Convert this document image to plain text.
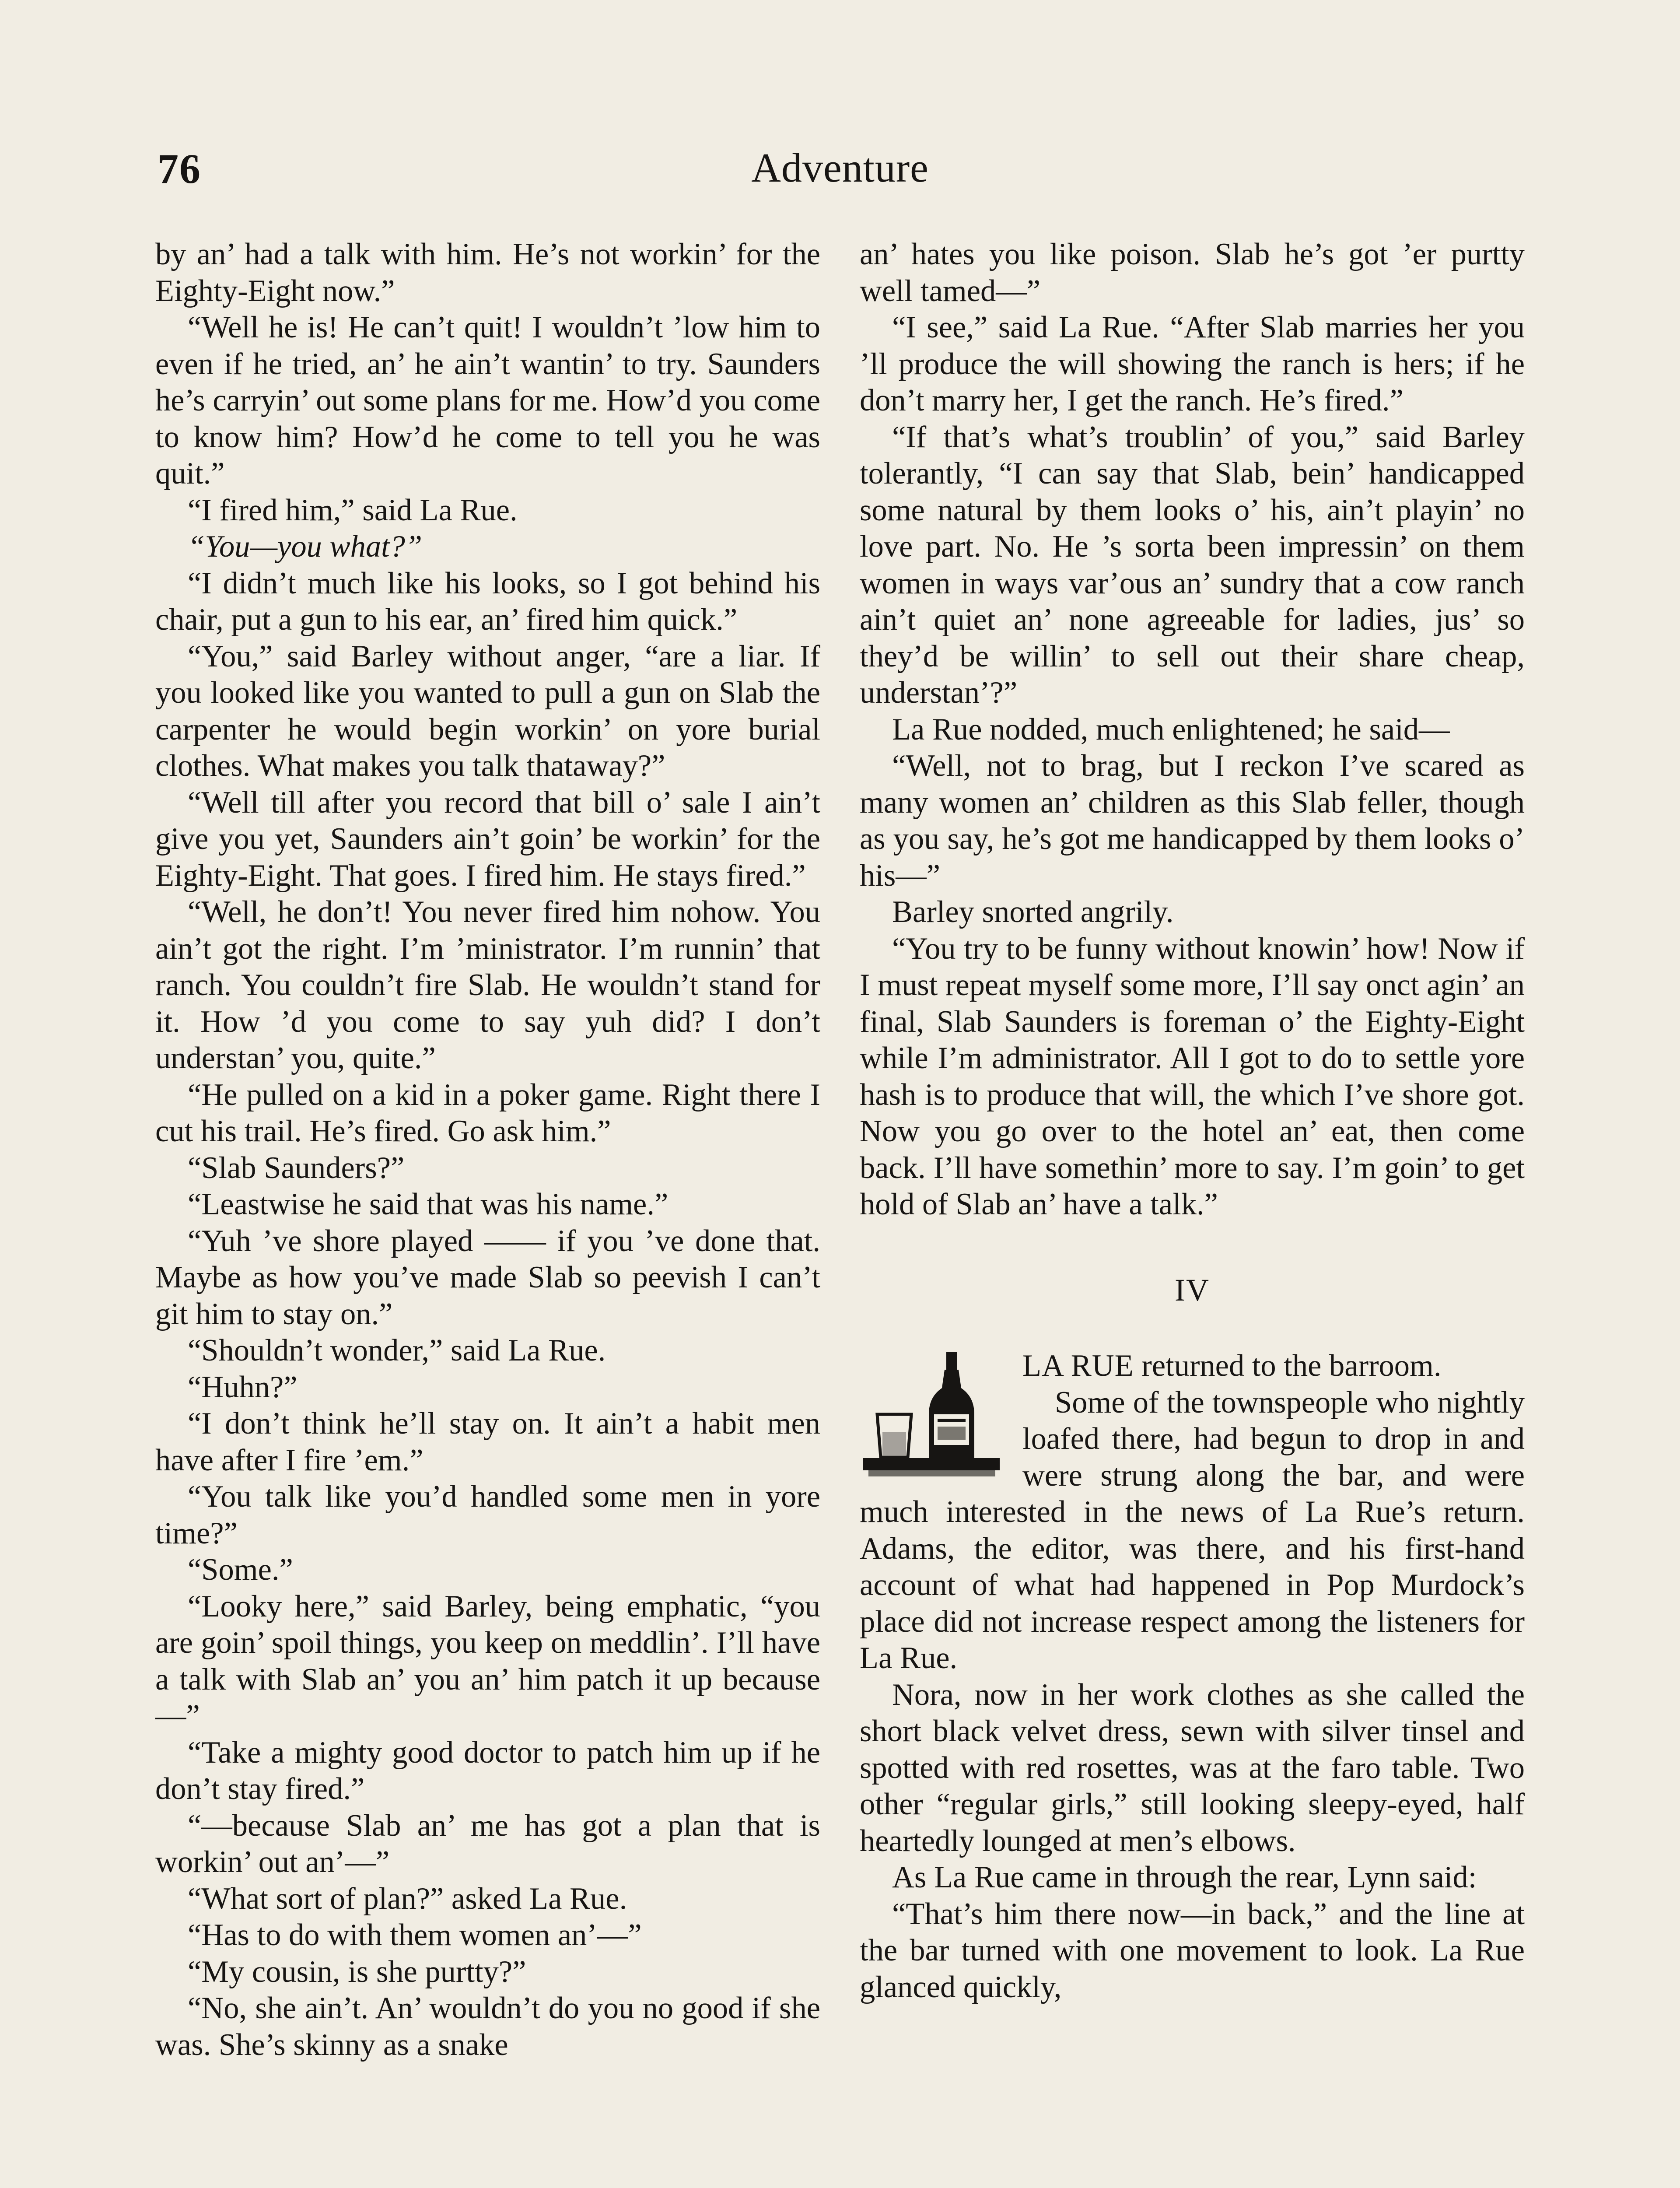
76	Adventure

by an’ had a talk with him. He’s not workin’ for the Eighty-Eight now.”

“Well he is! He can’t quit! I wouldn’t ’low him to even if he tried, an’ he ain’t wantin’ to try. Saunders he’s carryin’ out some plans for me. How’d you come to know him? How’d he come to tell you he was quit.”

“I fired him,” said La Rue.

“You—you what?”

“I didn’t much like his looks, so I got behind his chair, put a gun to his ear, an’ fired him quick.”

“You,” said Barley without anger, “are a liar. If you looked like you wanted to pull a gun on Slab the carpenter he would begin workin’ on yore burial clothes. What makes you talk thataway?”

“Well till after you record that bill o’ sale I ain’t give you yet, Saunders ain’t goin’ be workin’ for the Eighty-Eight. That goes. I fired him. He stays fired.”

“Well, he don’t! You never fired him nohow. You ain’t got the right. I’m ’ministrator. I’m runnin’ that ranch. You couldn’t fire Slab. He wouldn’t stand for it. How ’d you come to say yuh did? I don’t understan’ you, quite.”

“He pulled on a kid in a poker game. Right there I cut his trail. He’s fired. Go ask him.”

“Slab Saunders?”

“Leastwise he said that was his name.”

“Yuh ’ve shore played —— if you ’ve done that. Maybe as how you’ve made Slab so peevish I can’t git him to stay on.”

“Shouldn’t wonder,” said La Rue.

“Huhn?”

“I don’t think he’ll stay on. It ain’t a habit men have after I fire ’em.”

“You talk like you’d handled some men in yore time?”

“Some.”

“Looky here,” said Barley, being emphatic, “you are goin’ spoil things, you keep on meddlin’. I’ll have a talk with Slab an’ you an’ him patch it up because—”

“Take a mighty good doctor to patch him up if he don’t stay fired.”

“—because Slab an’ me has got a plan that is workin’ out an’—”

“What sort of plan?” asked La Rue.

“Has to do with them women an’—”

“My cousin, is she purtty?”

“No, she ain’t. An’ wouldn’t do you no good if she was. She’s skinny as a snake

an’ hates you like poison. Slab he’s got ’er purtty well tamed—”

“I see,” said La Rue. “After Slab marries her you ’ll produce the will showing the ranch is hers; if he don’t marry her, I get the ranch. He’s fired.”

“If that’s what’s troublin’ of you,” said Barley tolerantly, “I can say that Slab, bein’ handicapped some natural by them looks o’ his, ain’t playin’ no love part. No. He ’s sorta been impressin’ on them women in ways var’ous an’ sundry that a cow ranch ain’t quiet an’ none agreeable for ladies, jus’ so they’d be willin’ to sell out their share cheap, understan’?”

La Rue nodded, much enlightened; he said—

“Well, not to brag, but I reckon I’ve scared as many women an’ children as this Slab feller, though as you say, he’s got me handicapped by them looks o’ his—”

Barley snorted angrily.

“You try to be funny without knowin’ how! Now if I must repeat myself some more, I’ll say onct agin’ an final, Slab Saunders is foreman o’ the Eighty-Eight while I’m administrator. All I got to do to settle yore hash is to produce that will, the which I’ve shore got. Now you go over to the hotel an’ eat, then come back. I’ll have somethin’ more to say. I’m goin’ to get hold of Slab an’ have a talk.”

IV

LA RUE returned to the barroom.

Some of the townspeople who nightly loafed there, had begun to drop in and were strung along the bar, and were much interested in the news of La Rue’s return. Adams, the editor, was there, and his first-hand account of what had happened in Pop Murdock’s place did not increase respect among the listeners for La Rue.

Nora, now in her work clothes as she called the short black velvet dress, sewn with silver tinsel and spotted with red rosettes, was at the faro table. Two other “regular girls,” still looking sleepy-eyed, half heartedly lounged at men’s elbows.

As La Rue came in through the rear, Lynn said:

“That’s him there now—in back,” and the line at the bar turned with one movement to look. La Rue glanced quickly,
